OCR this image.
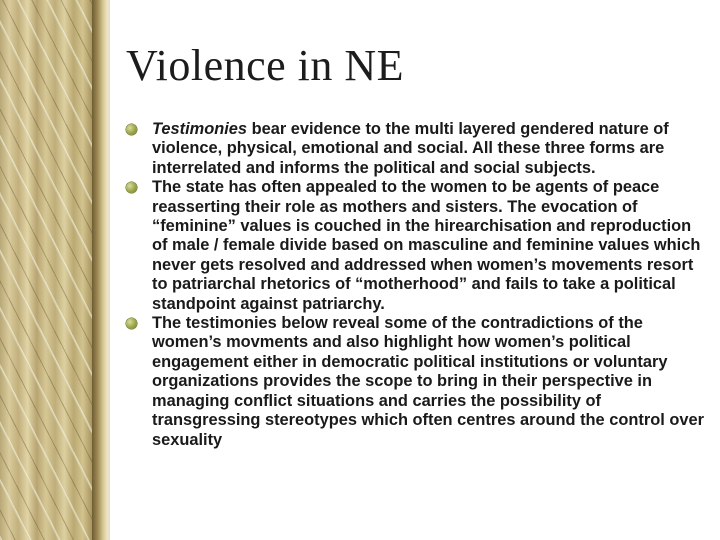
Violence in NE
Testimonies bear evidence to the multi layered gendered nature of violence, physical, emotional and social. All these three forms are interrelated and informs the political and social subjects.
The state has often appealed to the women to be agents of peace reasserting their role as mothers and sisters. The evocation of “feminine” values is couched in the hirearchisation and reproduction of male / female divide based on masculine and feminine values which never gets resolved and addressed when women’s movements resort to patriarchal rhetorics of “motherhood” and fails to take a political standpoint against patriarchy.
The testimonies below reveal some of the contradictions of the women’s movments and also highlight how women’s political engagement either in democratic political institutions or voluntary organizations provides the scope to bring in their perspective in managing conflict situations and carries the possibility of transgressing stereotypes which often centres around the control over sexuality
